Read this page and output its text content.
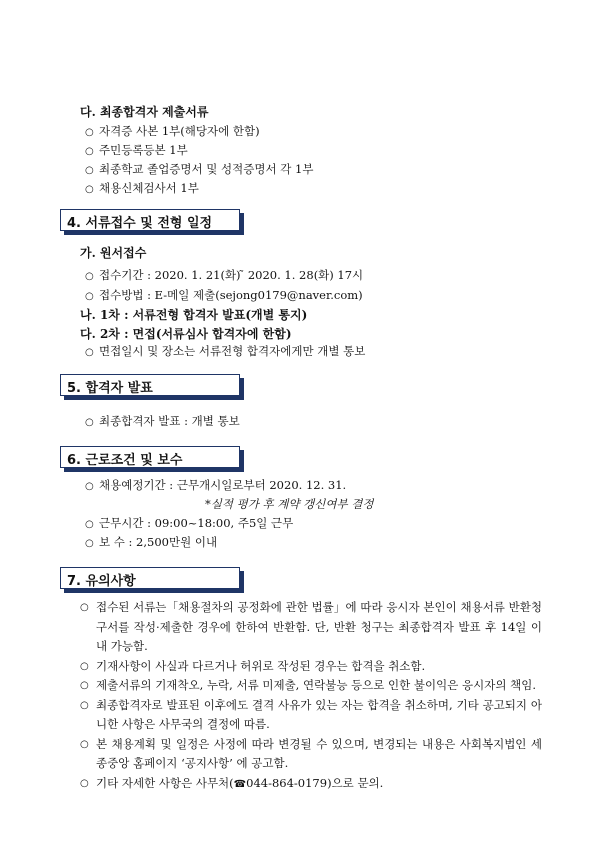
다. 최종합격자 제출서류
○ 자격증 사본 1부(해당자에 한함)
○ 주민등록등본 1부
○ 최종학교 졸업증명서 및 성적증명서 각 1부
○ 채용신체검사서 1부
4. 서류접수 및 전형 일정
가. 원서접수
○ 접수기간 : 2020. 1. 21(화) ̃ 2020. 1. 28(화) 17시
○ 접수방법 : E-메일 제출(sejong0179@naver.com)
나. 1차 : 서류전형 합격자 발표(개별 통지)
다. 2차 : 면접(서류심사 합격자에 한함)
○ 면접일시 및 장소는 서류전형 합격자에게만 개별 통보
5. 합격자 발표
○ 최종합격자 발표 : 개별 통보
6. 근로조건 및 보수
○ 채용예정기간 : 근무개시일로부터 2020. 12. 31.
*실적 평가 후 계약 갱신여부 결정
○ 근무시간 : 09:00~18:00, 주5일 근무
○ 보 수 : 2,500만원 이내
7. 유의사항
○ 접수된 서류는「채용절차의 공정화에 관한 법률」에 따라 응시자 본인이 채용서류 반환청구서를 작성·제출한 경우에 한하여 반환함. 단, 반환 청구는 최종합격자 발표 후 14일 이내 가능함.
○ 기재사항이 사실과 다르거나 허위로 작성된 경우는 합격을 취소함.
○ 제출서류의 기재착오, 누락, 서류 미제출, 연락불능 등으로 인한 불이익은 응시자의 책임.
○ 최종합격자로 발표된 이후에도 결격 사유가 있는 자는 합격을 취소하며, 기타 공고되지 아니한 사항은 사무국의 결정에 따름.
○ 본 채용계획 및 일정은 사정에 따라 변경될 수 있으며, 변경되는 내용은 사회복지법인 세종중앙 홈페이지 ‘공지사항’ 에 공고함.
○ 기타 자세한 사항은 사무처(☎044-864-0179)으로 문의.
